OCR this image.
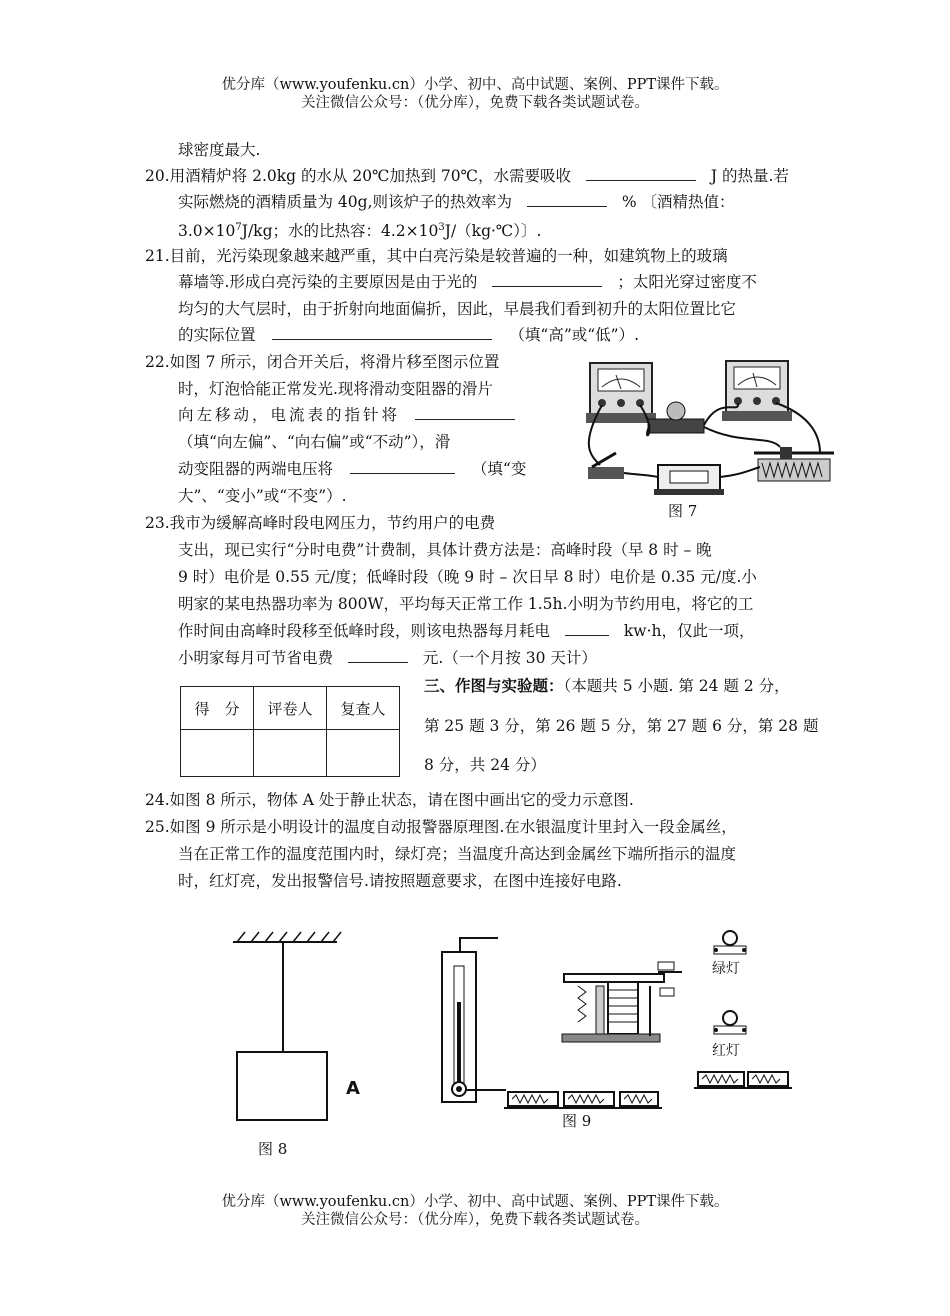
优分库（www.youfenku.cn）小学、初中、高中试题、案例、PPT课件下载。
关注微信公众号：（优分库），免费下载各类试题试卷。
球密度最大.
20.用酒精炉将 2.0kg 的水从 20℃加热到 70℃，水需要吸收	J 的热量.若
实际燃烧的酒精质量为 40g,则该炉子的热效率为	% 〔酒精热值：
$3.0\times 10^7J/kg$；水的比热容：$4.2\times 10^3J/(kg\cdot℃)$〕.
21.目前，光污染现象越来越严重，其中白亮污染是较普遍的一种，如建筑物上的玻璃
幕墙等.形成白亮污染的主要原因是由于光的	；太阳光穿过密度不
均匀的大气层时，由于折射向地面偏折，因此，早晨我们看到初升的太阳位置比它
的实际位置	（填“高”或“低”）.
22.如图 7 所示，闭合开关后，将滑片移至图示位置
时，灯泡恰能正常发光.现将滑动变阻器的滑片
向左移动，电流表的指针将
（填“向左偏”、“向右偏”或“不动”），滑
动变阻器的两端电压将	（填“变
大”、“变小”或“不变”）.
图 7
23.我市为缓解高峰时段电网压力，节约用户的电费
支出，现已实行“分时电费”计费制，具体计费方法是：高峰时段（早 8 时 – 晚
9 时）电价是 0.55 元/度；低峰时段（晚 9 时 – 次日早 8 时）电价是 0.35 元/度.小
明家的某电热器功率为 800W，平均每天正常工作 1.5h.小明为节约用电，将它的工
作时间由高峰时段移至低峰时段，则该电热器每月耗电	kw·h，仅此一项，
小明家每月可节省电费	元.（一个月按 30 天计）
得　分	评卷人	复查人

三、作图与实验题：（本题共 5 小题. 第 24 题 2 分，
第 25 题 3 分，第 26 题 5 分，第 27 题 6 分，第 28 题
8 分，共 24 分）
24.如图 8 所示，物体 A 处于静止状态，请在图中画出它的受力示意图.
25.如图 9 所示是小明设计的温度自动报警器原理图.在水银温度计里封入一段金属丝，
当在正常工作的温度范围内时，绿灯亮；当温度升高达到金属丝下端所指示的温度
时，红灯亮，发出报警信号.请按照题意要求，在图中连接好电路.
A
图 8
绿灯
红灯
图 9
优分库（www.youfenku.cn）小学、初中、高中试题、案例、PPT课件下载。
关注微信公众号：（优分库），免费下载各类试题试卷。
